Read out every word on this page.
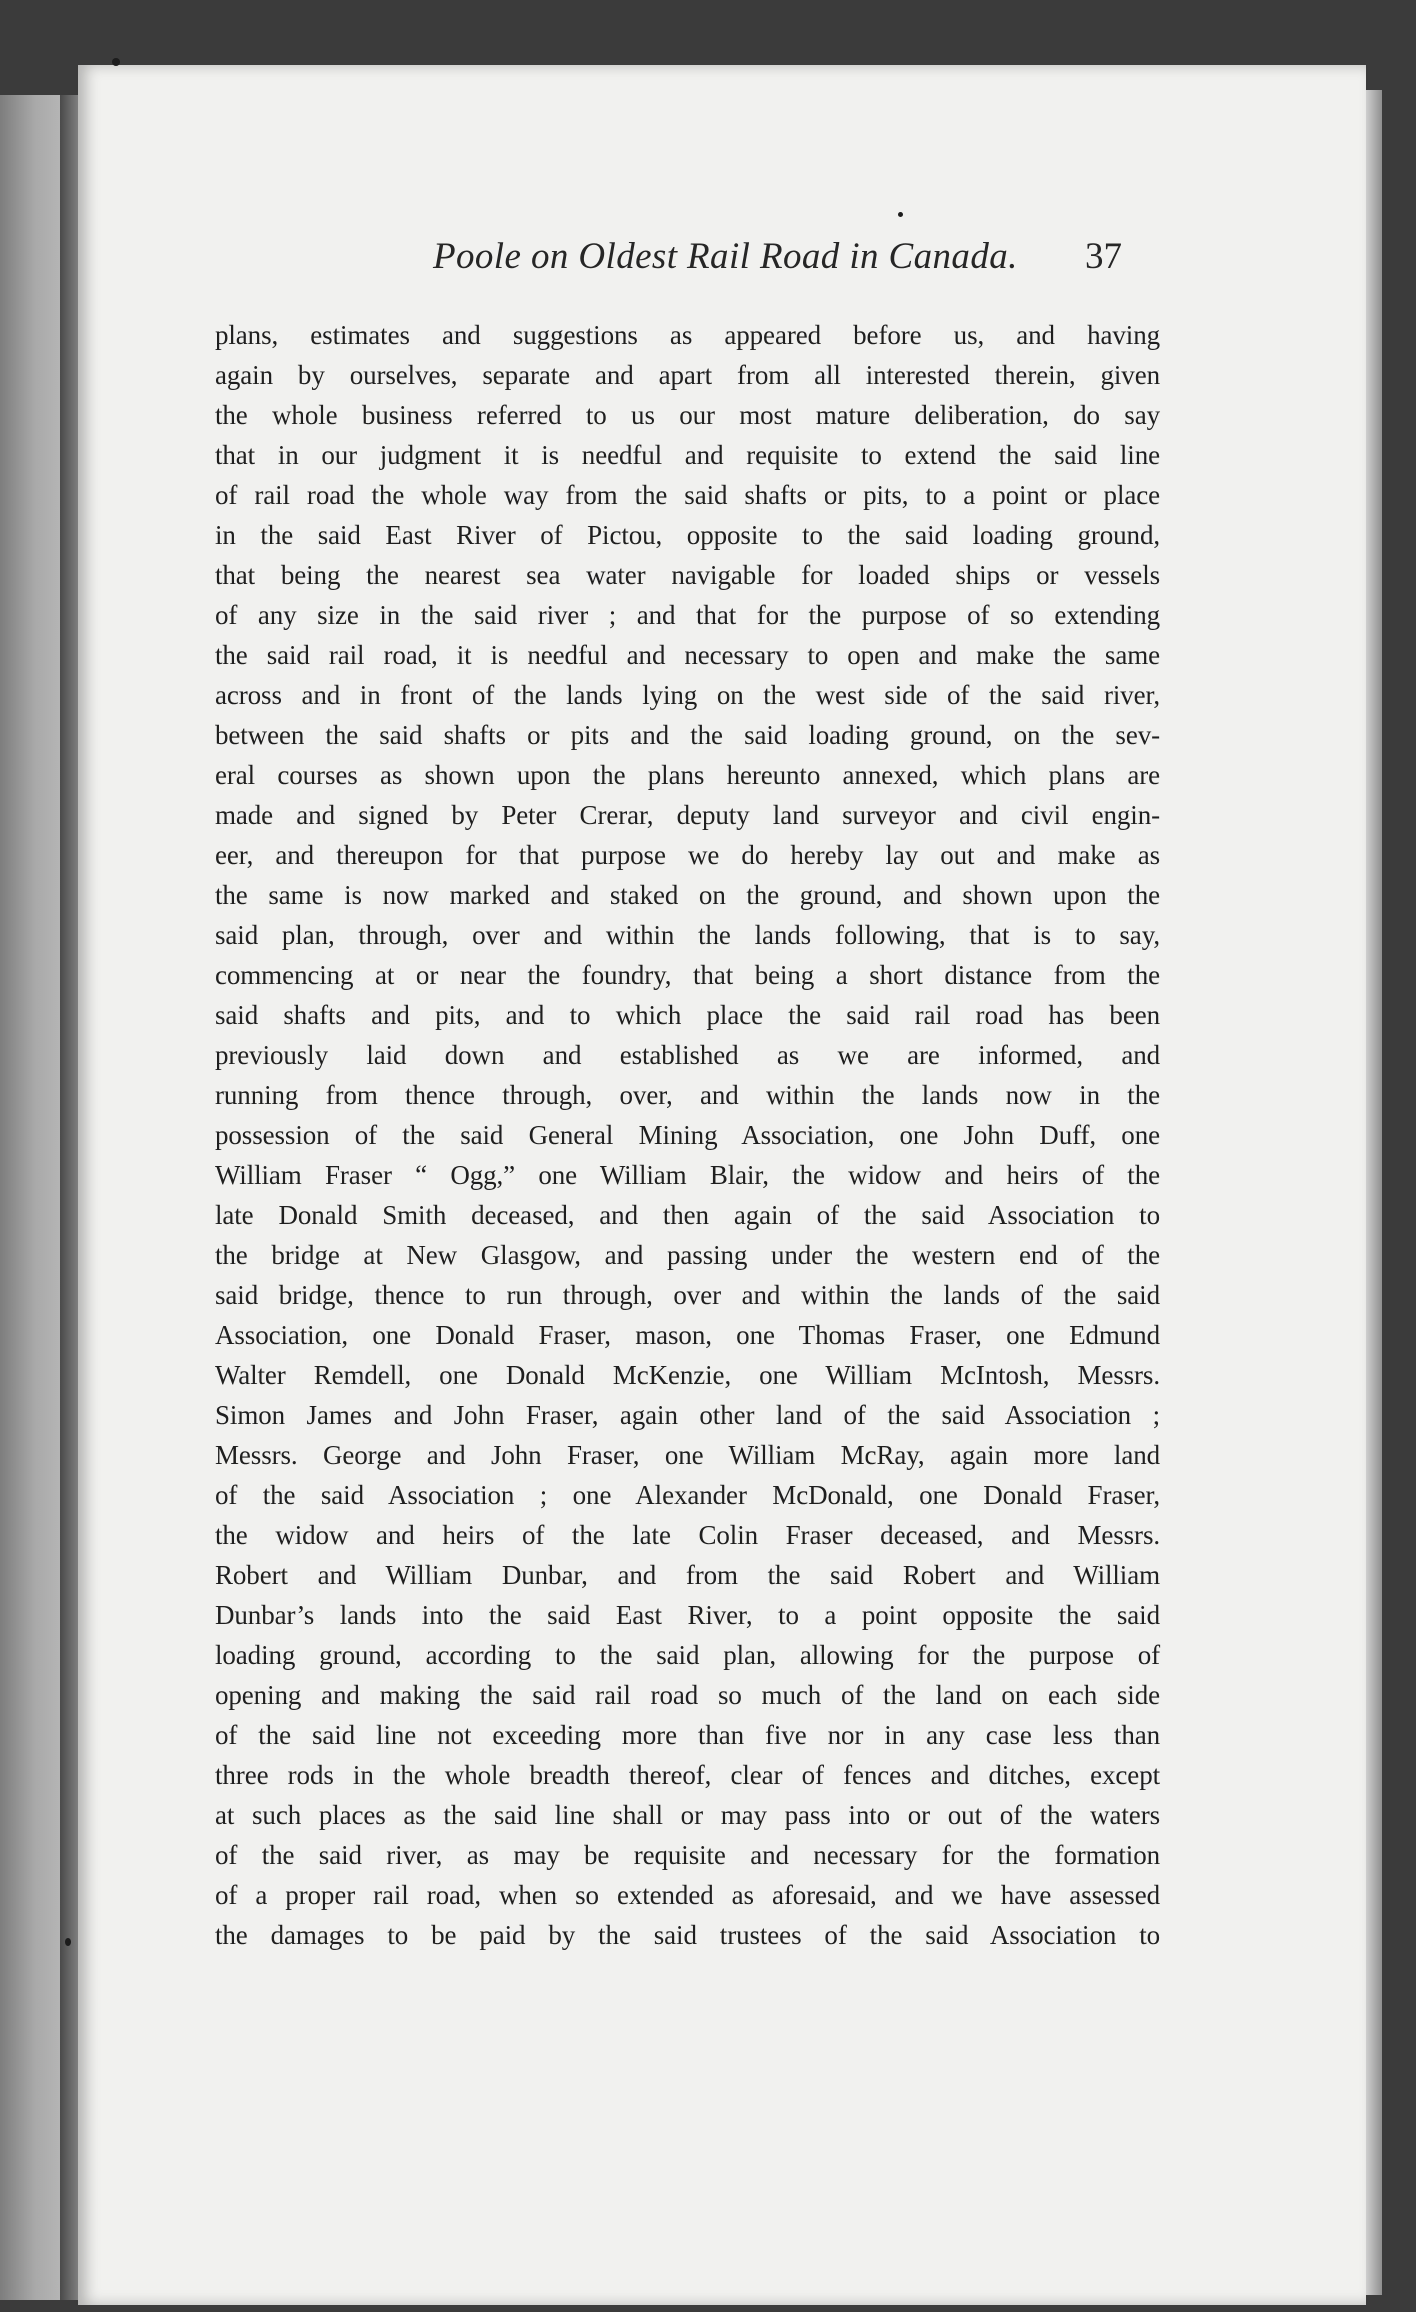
Poole on Oldest Rail Road in Canada. 37
plans, estimates and suggestions as appeared before us, and having
again by ourselves, separate and apart from all interested therein, given
the whole business referred to us our most mature deliberation, do say
that in our judgment it is needful and requisite to extend the said line
of rail road the whole way from the said shafts or pits, to a point or place
in the said East River of Pictou, opposite to the said loading ground,
that being the nearest sea water navigable for loaded ships or vessels
of any size in the said river ; and that for the purpose of so extending
the said rail road, it is needful and necessary to open and make the same
across and in front of the lands lying on the west side of the said river,
between the said shafts or pits and the said loading ground, on the sev-
eral courses as shown upon the plans hereunto annexed, which plans are
made and signed by Peter Crerar, deputy land surveyor and civil engin-
eer, and thereupon for that purpose we do hereby lay out and make as
the same is now marked and staked on the ground, and shown upon the
said plan, through, over and within the lands following, that is to say,
commencing at or near the foundry, that being a short distance from the
said shafts and pits, and to which place the said rail road has been
previously laid down and established as we are informed, and
running from thence through, over, and within the lands now in the
possession of the said General Mining Association, one John Duff, one
William Fraser “ Ogg,” one William Blair, the widow and heirs of the
late Donald Smith deceased, and then again of the said Association to
the bridge at New Glasgow, and passing under the western end of the
said bridge, thence to run through, over and within the lands of the said
Association, one Donald Fraser, mason, one Thomas Fraser, one Edmund
Walter Remdell, one Donald McKenzie, one William McIntosh, Messrs.
Simon James and John Fraser, again other land of the said Association ;
Messrs. George and John Fraser, one William McRay, again more land
of the said Association ; one Alexander McDonald, one Donald Fraser,
the widow and heirs of the late Colin Fraser deceased, and Messrs.
Robert and William Dunbar, and from the said Robert and William
Dunbar’s lands into the said East River, to a point opposite the said
loading ground, according to the said plan, allowing for the purpose of
opening and making the said rail road so much of the land on each side
of the said line not exceeding more than five nor in any case less than
three rods in the whole breadth thereof, clear of fences and ditches, except
at such places as the said line shall or may pass into or out of the waters
of the said river, as may be requisite and necessary for the formation
of a proper rail road, when so extended as aforesaid, and we have assessed
the damages to be paid by the said trustees of the said Association to
